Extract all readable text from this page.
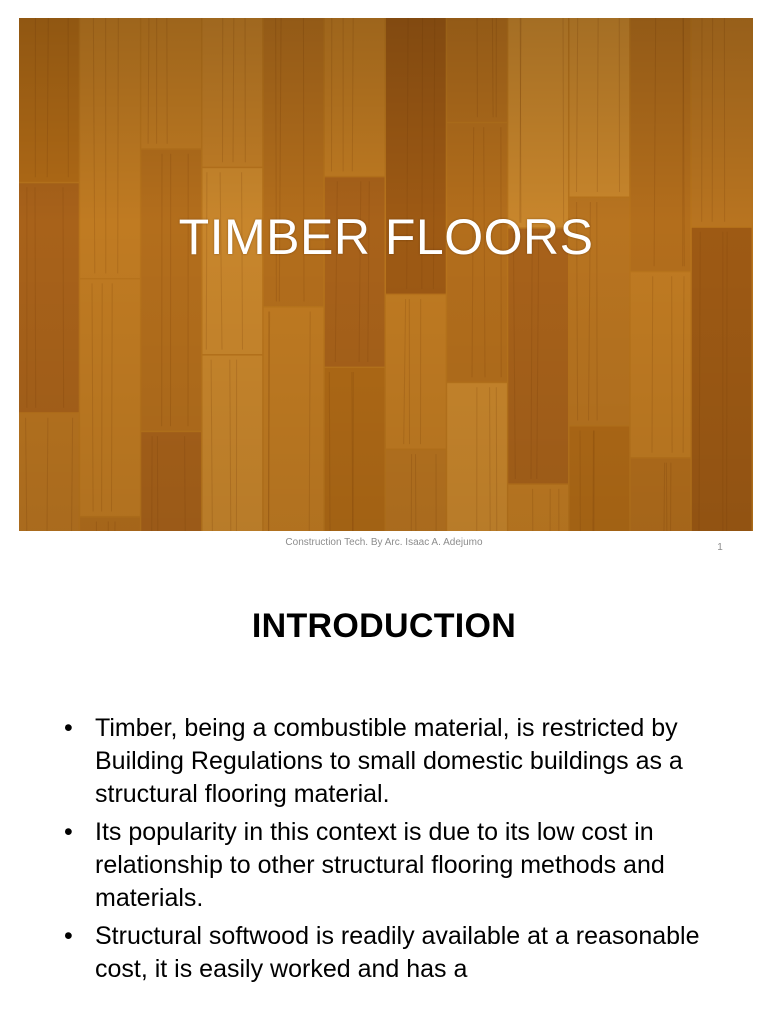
TIMBER FLOORS
Construction Tech. By Arc. Isaac A. Adejumo	1
INTRODUCTION
• Timber, being a combustible material, is restricted by Building Regulations to small domestic buildings as a structural flooring material.
• Its popularity in this context is due to its low cost in relationship to other structural flooring methods and materials.
• Structural softwood is readily available at a reasonable cost, it is easily worked and has a
